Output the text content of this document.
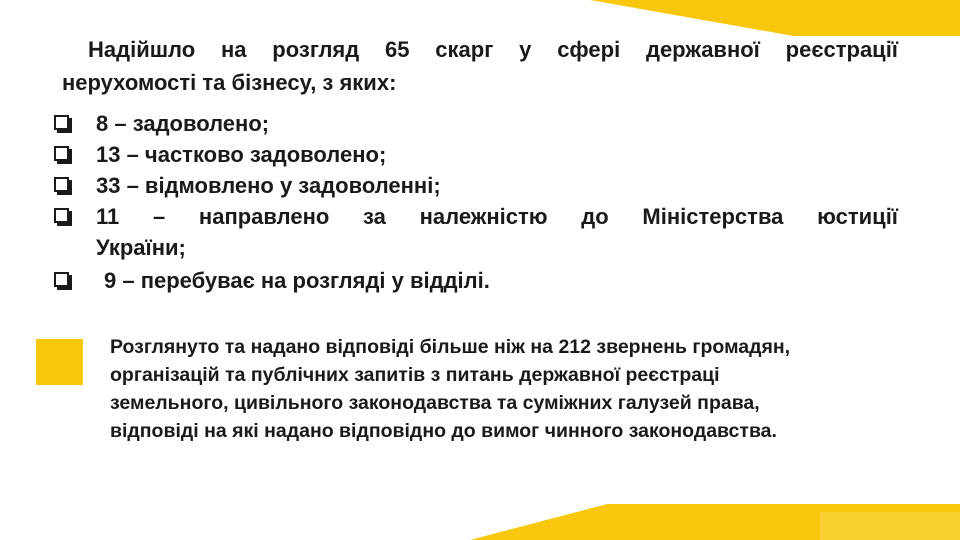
Надійшло на розгляд 65 скарг у сфері державної реєстрації
нерухомості та бізнесу, з яких:
8 – задоволено;
13 – частково задоволено;
33 – відмовлено у задоволенні;
11 – направлено за належністю до Міністерства юстиції
України;
9 – перебуває на розгляді у відділі.
Розглянуто та надано відповіді більше ніж на 212 звернень громадян,
організацій та публічних запитів з питань державної реєстраці
земельного, цивільного законодавства та суміжних галузей права,
відповіді на які надано відповідно до вимог чинного законодавства.
